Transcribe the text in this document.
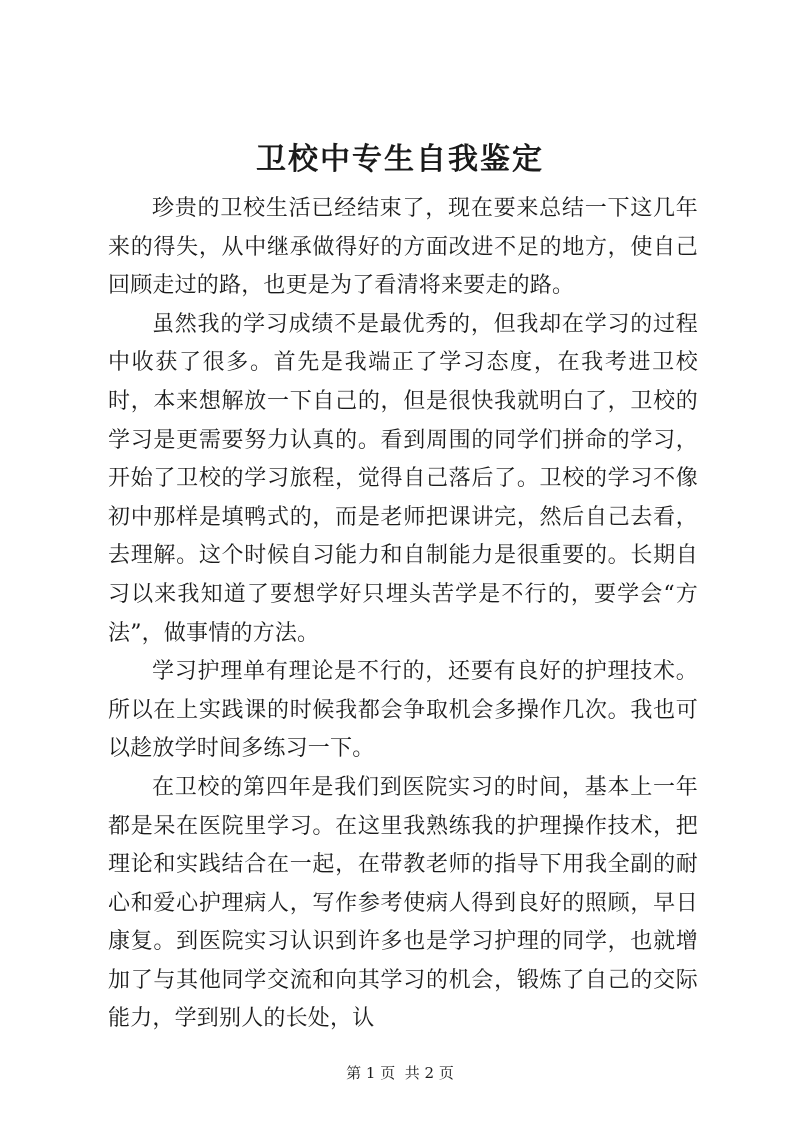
卫校中专生自我鉴定

珍贵的卫校生活已经结束了，现在要来总结一下这几年来的得失，从中继承做得好的方面改进不足的地方，使自己回顾走过的路，也更是为了看清将来要走的路。

虽然我的学习成绩不是最优秀的，但我却在学习的过程中收获了很多。首先是我端正了学习态度，在我考进卫校时，本来想解放一下自己的，但是很快我就明白了，卫校的学习是更需要努力认真的。看到周围的同学们拼命的学习，开始了卫校的学习旅程，觉得自己落后了。卫校的学习不像初中那样是填鸭式的，而是老师把课讲完，然后自己去看，去理解。这个时候自习能力和自制能力是很重要的。长期自习以来我知道了要想学好只埋头苦学是不行的，要学会“方法”，做事情的方法。

学习护理单有理论是不行的，还要有良好的护理技术。所以在上实践课的时候我都会争取机会多操作几次。我也可以趁放学时间多练习一下。

在卫校的第四年是我们到医院实习的时间，基本上一年都是呆在医院里学习。在这里我熟练我的护理操作技术，把理论和实践结合在一起，在带教老师的指导下用我全副的耐心和爱心护理病人，写作参考使病人得到良好的照顾，早日康复。到医院实习认识到许多也是学习护理的同学，也就增加了与其他同学交流和向其学习的机会，锻炼了自己的交际能力，学到别人的长处，认

第 1 页  共 2 页
